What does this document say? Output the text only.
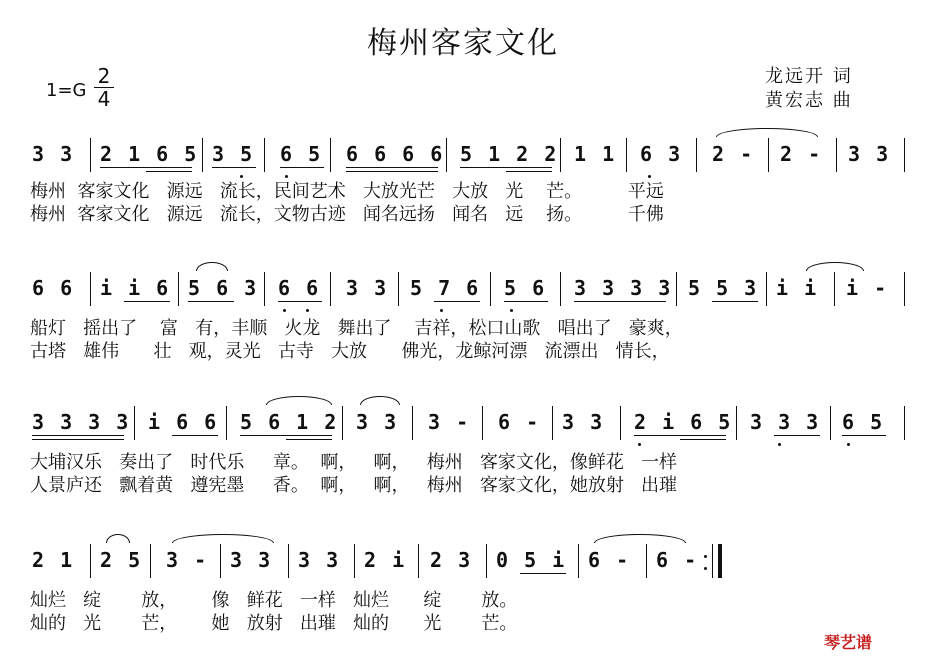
梅州客家文化
1=G
2
4
龙远开 词
黄宏志 曲
3 3 2 1 6 5 3 5 6 5 6 6 6 6 5 1 2 2 1 1 6 3 2 - 2 - 3 3
梅州  客家文化   源远   流长，民间艺术   大放光芒   大放   光    芒。        平远
梅州  客家文化   源远   流长，文物古迹   闻名远扬   闻名   远    扬。        千佛
6 6 i i 6 5 6 3 6 6 3 3 5 7 6 5 6 3 3 3 3 5 5 3 i i i -
船灯   摇出了    富   有，丰顺   火龙   舞出了    吉祥，松口山歌   唱出了   豪爽，
古塔   雄伟      壮   观，灵光   古寺   大放      佛光，龙鲸河漂   流漂出   情长，
3 3 3 3 i 6 6 5 6 1 2 3 3 3 - 6 - 3 3 2 i 6 5 3 3 3 6 5
大埔汉乐   奏出了   时代乐     章。  啊，   啊，   梅州   客家文化，像鲜花   一样
人景庐还   飘着黄   遵宪墨     香。  啊，   啊，   梅州   客家文化，她放射   出璀
2 1 2 5 3 - 3 3 3 3 2 i 2 3 0 5 i 6 - 6 -
灿烂   绽       放，      像   鲜花   一样   灿烂      绽       放。
灿的   光       芒，      她   放射   出璀   灿的      光       芒。
琴艺谱
